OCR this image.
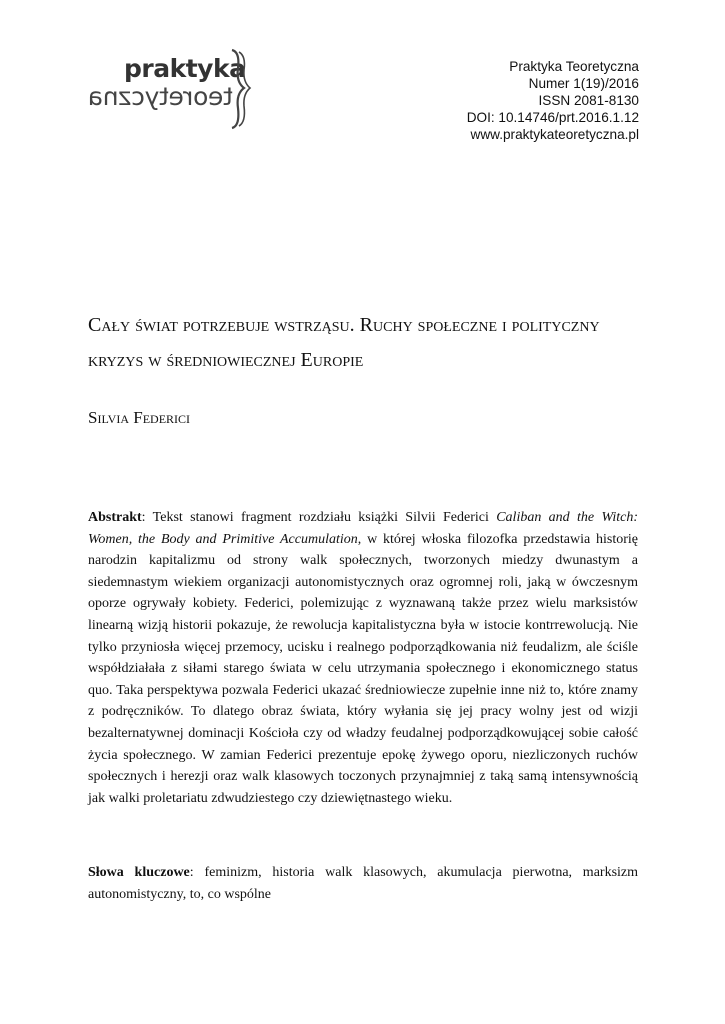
praktyka
teoretyczna
Praktyka Teoretyczna
Numer 1(19)/2016
ISSN 2081-8130
DOI: 10.14746/prt.2016.1.12
www.praktykateoretyczna.pl
Cały świat potrzebuje wstrząsu. Ruchy społeczne i polityczny kryzys w średniowiecznej Europie
Silvia Federici
Abstrakt: Tekst stanowi fragment rozdziału książki Silvii Federici Caliban and the Witch: Women, the Body and Primitive Accumulation, w której włoska filozofka przedstawia historię narodzin kapitalizmu od strony walk społecznych, tworzonych miedzy dwunastym a siedemnastym wiekiem organizacji autonomistycznych oraz ogromnej roli, jaką w ówczesnym oporze ogrywały kobiety. Federici, polemizując z wyznawaną także przez wielu marksistów linearną wizją historii pokazuje, że rewolucja kapitalistyczna była w istocie kontrrewolucją. Nie tylko przyniosła więcej przemocy, ucisku i realnego podporządkowania niż feudalizm, ale ściśle współdziałała z siłami starego świata w celu utrzymania społecznego i ekonomicznego status quo. Taka perspektywa pozwala Federici ukazać średniowiecze zupełnie inne niż to, które znamy z podręczników. To dlatego obraz świata, który wyłania się jej pracy wolny jest od wizji bezalternatywnej dominacji Kościoła czy od władzy feudalnej podporządkowującej sobie całość życia społecznego. W zamian Federici prezentuje epokę żywego oporu, niezliczonych ruchów społecznych i herezji oraz walk klasowych toczonych przynajmniej z taką samą intensywnością jak walki proletariatu zdwudziestego czy dziewiętnastego wieku.
Słowa kluczowe: feminizm, historia walk klasowych, akumulacja pierwotna, marksizm autonomistyczny, to, co wspólne
